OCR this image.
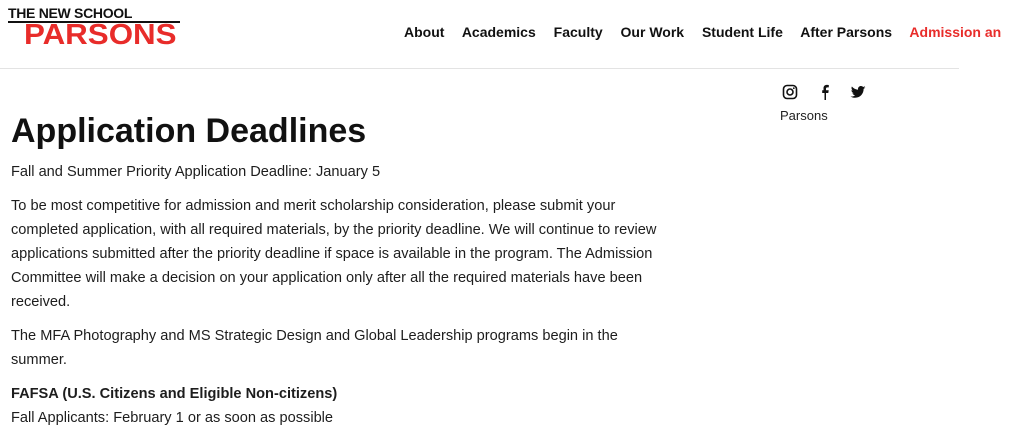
THE NEW SCHOOL
PARSONS	About Academics Faculty Our Work Student Life After Parsons Admission an
Parsons
Application Deadlines

Fall and Summer Priority Application Deadline: January 5

To be most competitive for admission and merit scholarship consideration, please submit your completed application, with all required materials, by the priority deadline. We will continue to review applications submitted after the priority deadline if space is available in the program. The Admission Committee will make a decision on your application only after all the required materials have been received.

The MFA Photography and MS Strategic Design and Global Leadership programs begin in the summer.

FAFSA (U.S. Citizens and Eligible Non-citizens)

Fall Applicants: February 1 or as soon as possible
